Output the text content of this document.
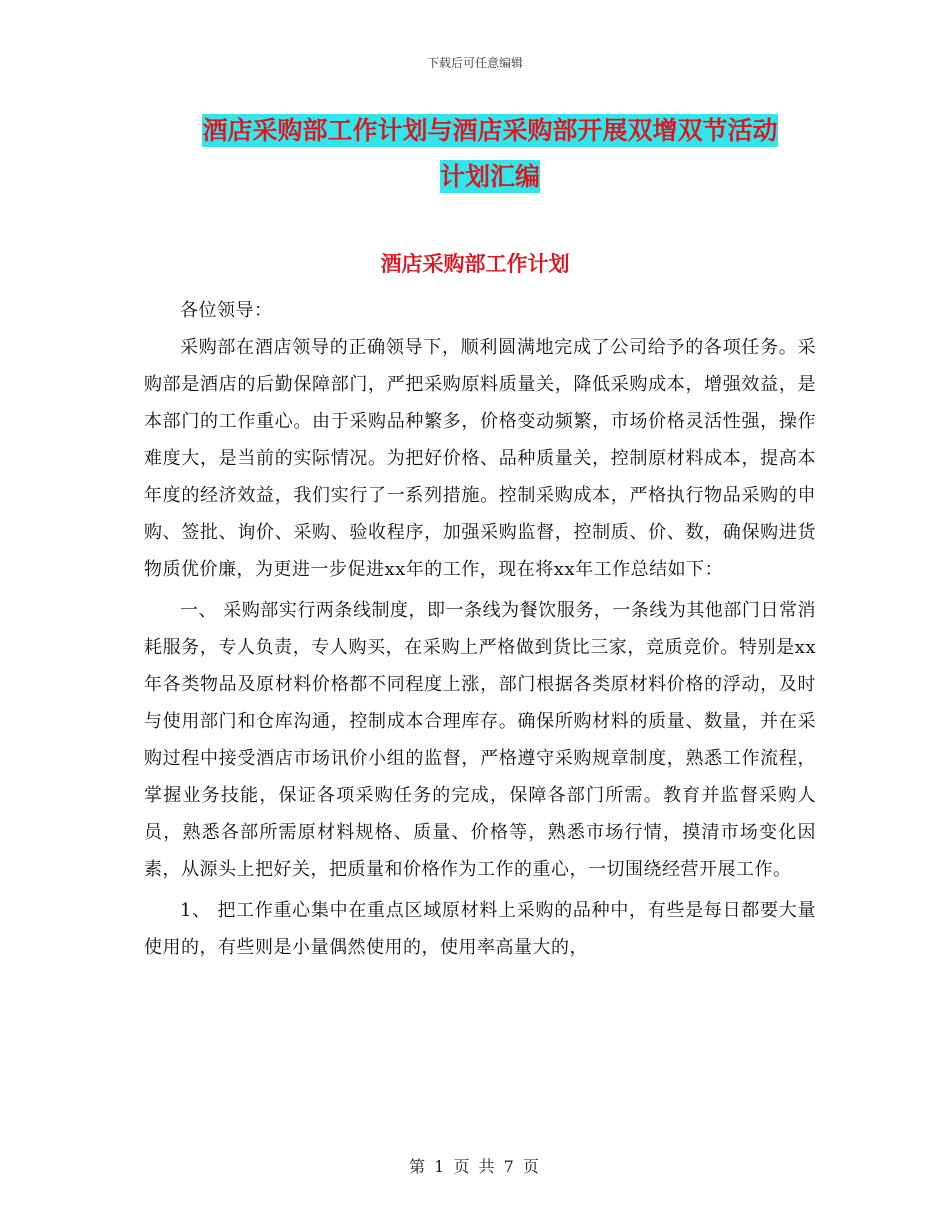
下载后可任意编辑
酒店采购部工作计划与酒店采购部开展双增双节活动
计划汇编
酒店采购部工作计划

各位领导：

采购部在酒店领导的正确领导下，顺利圆满地完成了公司给予的各项任务。采购部是酒店的后勤保障部门，严把采购原料质量关，降低采购成本，增强效益，是本部门的工作重心。由于采购品种繁多，价格变动频繁，市场价格灵活性强，操作难度大，是当前的实际情况。为把好价格、品种质量关，控制原材料成本，提高本年度的经济效益，我们实行了一系列措施。控制采购成本，严格执行物品采购的申购、签批、询价、采购、验收程序，加强采购监督，控制质、价、数，确保购进货物质优价廉，为更进一步促进xx年的工作，现在将xx年工作总结如下：

一、 采购部实行两条线制度，即一条线为餐饮服务，一条线为其他部门日常消耗服务，专人负责，专人购买，在采购上严格做到货比三家，竞质竞价。特别是xx年各类物品及原材料价格都不同程度上涨，部门根据各类原材料价格的浮动，及时与使用部门和仓库沟通，控制成本合理库存。确保所购材料的质量、数量，并在采购过程中接受酒店市场讯价小组的监督，严格遵守采购规章制度，熟悉工作流程，掌握业务技能，保证各项采购任务的完成，保障各部门所需。教育并监督采购人员，熟悉各部所需原材料规格、质量、价格等，熟悉市场行情，摸清市场变化因素，从源头上把好关，把质量和价格作为工作的重心，一切围绕经营开展工作。

1、 把工作重心集中在重点区域原材料上采购的品种中，有些是每日都要大量使用的，有些则是小量偶然使用的，使用率高量大的，

第 1 页 共 7 页
